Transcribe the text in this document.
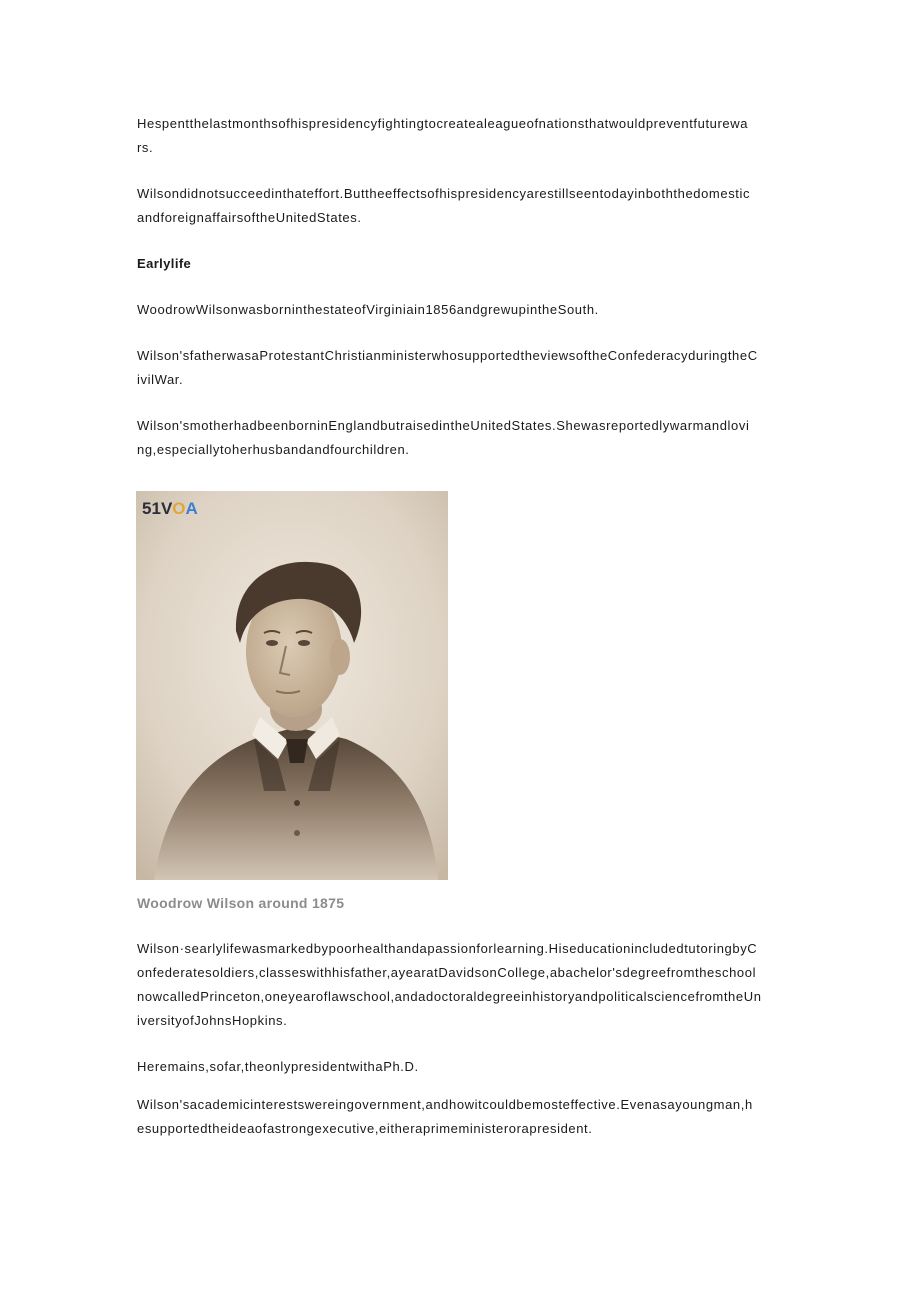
Hespentthelastmonthsofhispresidencyfightingtocreatealeagueofnationsthatwouldpreventfuturewa
rs.
Wilsondidnotsucceedinthateffort.Buttheeffectsofhispresidencyarestillseentodayinboththedomestic
andforeignaffairsoftheUnitedStates.
Earlylife
WoodrowWilsonwasborninthestateofVirginiain1856andgrewupintheSouth.
Wilson'sfatherwasaProtestantChristianministerwhosupportedtheviewsoftheConfederacyduringtheC
ivilWar.
Wilson'smotherhadbeenborninEnglandbutraisedintheUnitedStates.Shewasreportedlywarmandlovi
ng,especiallytoherhusbandandfourchildren.
51VOA
Woodrow Wilson around 1875
Wilson·searlylifewasmarkedbypoorhealthandapassionforlearning.HiseducationincludedtutoringbyC
onfederatesoldiers,classeswithhisfather,ayearatDavidsonCollege,abachelor'sdegreefromtheschool
nowcalledPrinceton,oneyearoflawschool,andadoctoraldegreeinhistoryandpoliticalsciencefromtheUn
iversityofJohnsHopkins.
Heremains,sofar,theonlypresidentwithaPh.D.
Wilson'sacademicinterestswereingovernment,andhowitcouldbemosteffective.Evenasayoungman,h
esupportedtheideaofastrongexecutive,eitheraprimeministerorapresident.
